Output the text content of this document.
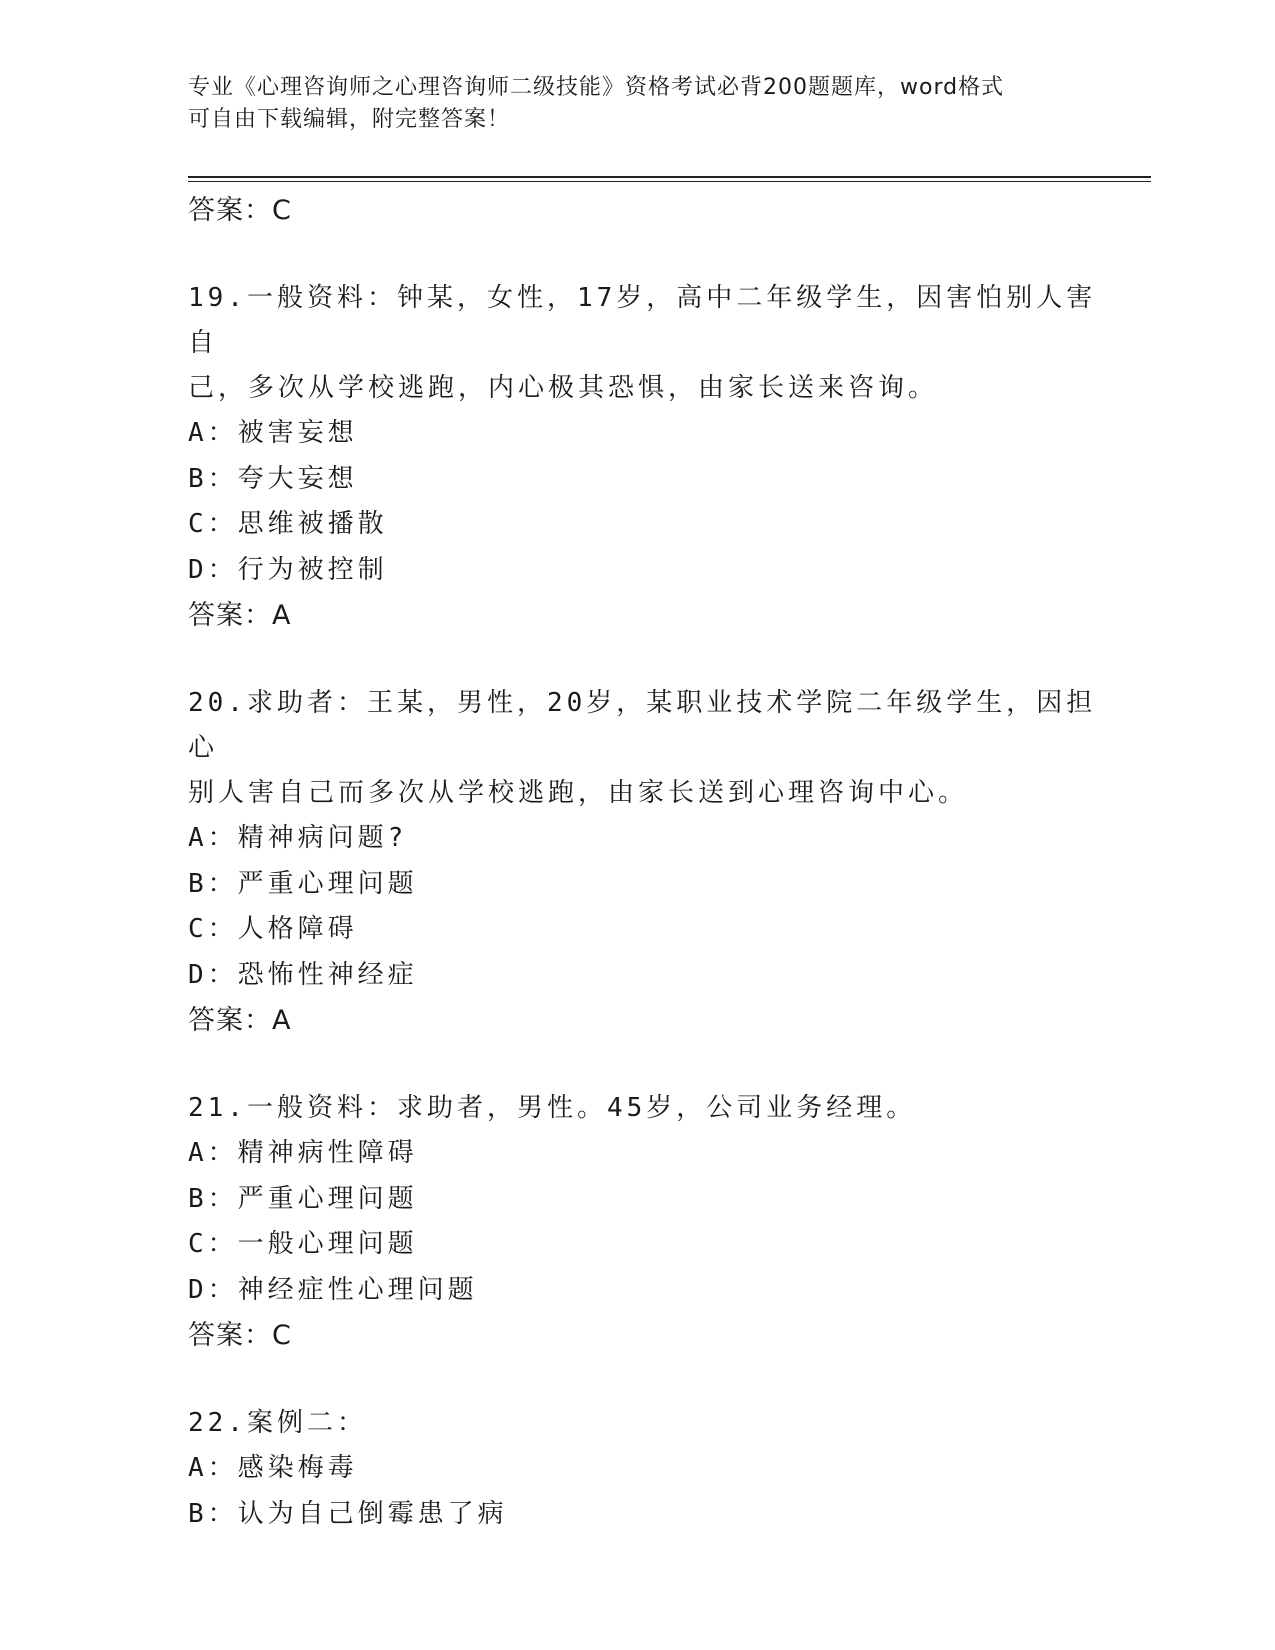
专业《心理咨询师之心理咨询师二级技能》资格考试必背200题题库，word格式
可自由下载编辑，附完整答案！
答案：C
19.一般资料：钟某，女性，17岁，高中二年级学生，因害怕别人害自
己，多次从学校逃跑，内心极其恐惧，由家长送来咨询。
A：被害妄想
B：夸大妄想
C：思维被播散
D：行为被控制
答案：A
20.求助者：王某，男性，20岁，某职业技术学院二年级学生，因担心
别人害自己而多次从学校逃跑，由家长送到心理咨询中心。
A：精神病问题?
B：严重心理问题
C：人格障碍
D：恐怖性神经症
答案：A
21.一般资料：求助者，男性。45岁，公司业务经理。
A：精神病性障碍
B：严重心理问题
C：一般心理问题
D：神经症性心理问题
答案：C
22.案例二：
A：感染梅毒
B：认为自己倒霉患了病
